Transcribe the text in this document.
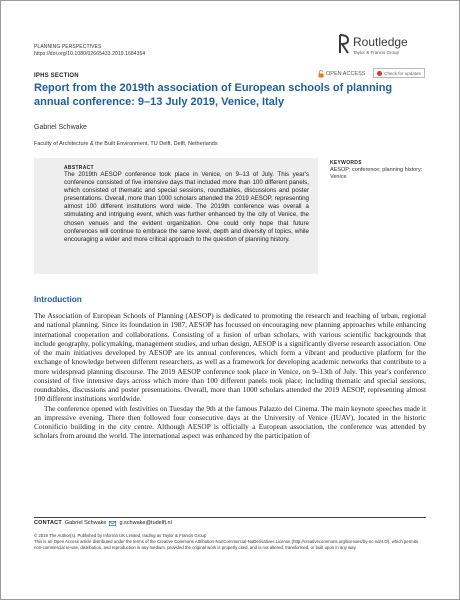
PLANNING PERSPECTIVES
https://doi.org/10.1080/02665433.2019.1684354
Routledge
Taylor & Francis Group
IPHS SECTION	OPEN ACCESS	Check for updates
Report from the 2019th association of European schools of planning annual conference: 9–13 July 2019, Venice, Italy
Gabriel Schwake
Faculty of Architecture & the Built Environment, TU Delft, Delft, Netherlands
ABSTRACT
The 2019th AESOP conference took place in Venice, on 9–13 of July. This year's conference consisted of five intensive days that included more than 100 different panels, which consisted of thematic and special sessions, roundtables, discussions and poster presentations. Overall, more than 1000 scholars attended the 2019 AESOP, representing almost 100 different institutions word wide. The 2019th conference was overall a stimulating and intriguing event, which was further enhanced by the city of Venice, the chosen venues and the evident organization. One could only hope that future conferences will continue to embrace the same level, depth and diversity of topics, while encouraging a wider and more critical approach to the question of planning history.
KEYWORDS
AESOP; conference; planning history; Venice
Introduction

The Association of European Schools of Planning (AESOP) is dedicated to promoting the research and teaching of urban, regional and national planning. Since its foundation in 1987, AESOP has focussed on encouraging new planning approaches while enhancing international cooperation and collaborations. Consisting of a fusion of urban scholars, with various scientific backgrounds that include geography, policymaking, management studies, and urban design, AESOP is a significantly diverse research association. One of the main initiatives developed by AESOP are its annual conferences, which form a vibrant and productive platform for the exchange of knowledge between different researchers, as well as a framework for developing academic networks that contribute to a more widespread planning discourse. The 2019 AESOP conference took place in Venice, on 9–13th of July. This year's conference consisted of five intensive days across which more than 100 different panels took place; including thematic and special sessions, roundtables, discussions and poster presentations. Overall, more than 1000 scholars attended the 2019 AESOP, representing almost 100 different institutions worldwide.

The conference opened with festivities on Tuesday the 9th at the famous Palazzo del Cinema. The main keynote speeches made it an impressive evening. There then followed four consecutive days at the University of Venice (IUAV), located in the historic Cotonificio building in the city centre. Although AESOP is officially a European association, the conference was attended by scholars from around the world. The international aspect was enhanced by the participation of

CONTACT Gabriel Schwake g.schwake@tudelft.nl

© 2019 The Author(s). Published by Informa UK Limited, trading as Taylor & Francis Group

This is an Open Access article distributed under the terms of the Creative Commons Attribution-NonCommercial-NoDerivatives License (http://creativecommons.org/licenses/by-nc-nd/4.0/), which permits non-commercial re-use, distribution, and reproduction in any medium, provided the original work is properly cited, and is not altered, transformed, or built upon in any way.
